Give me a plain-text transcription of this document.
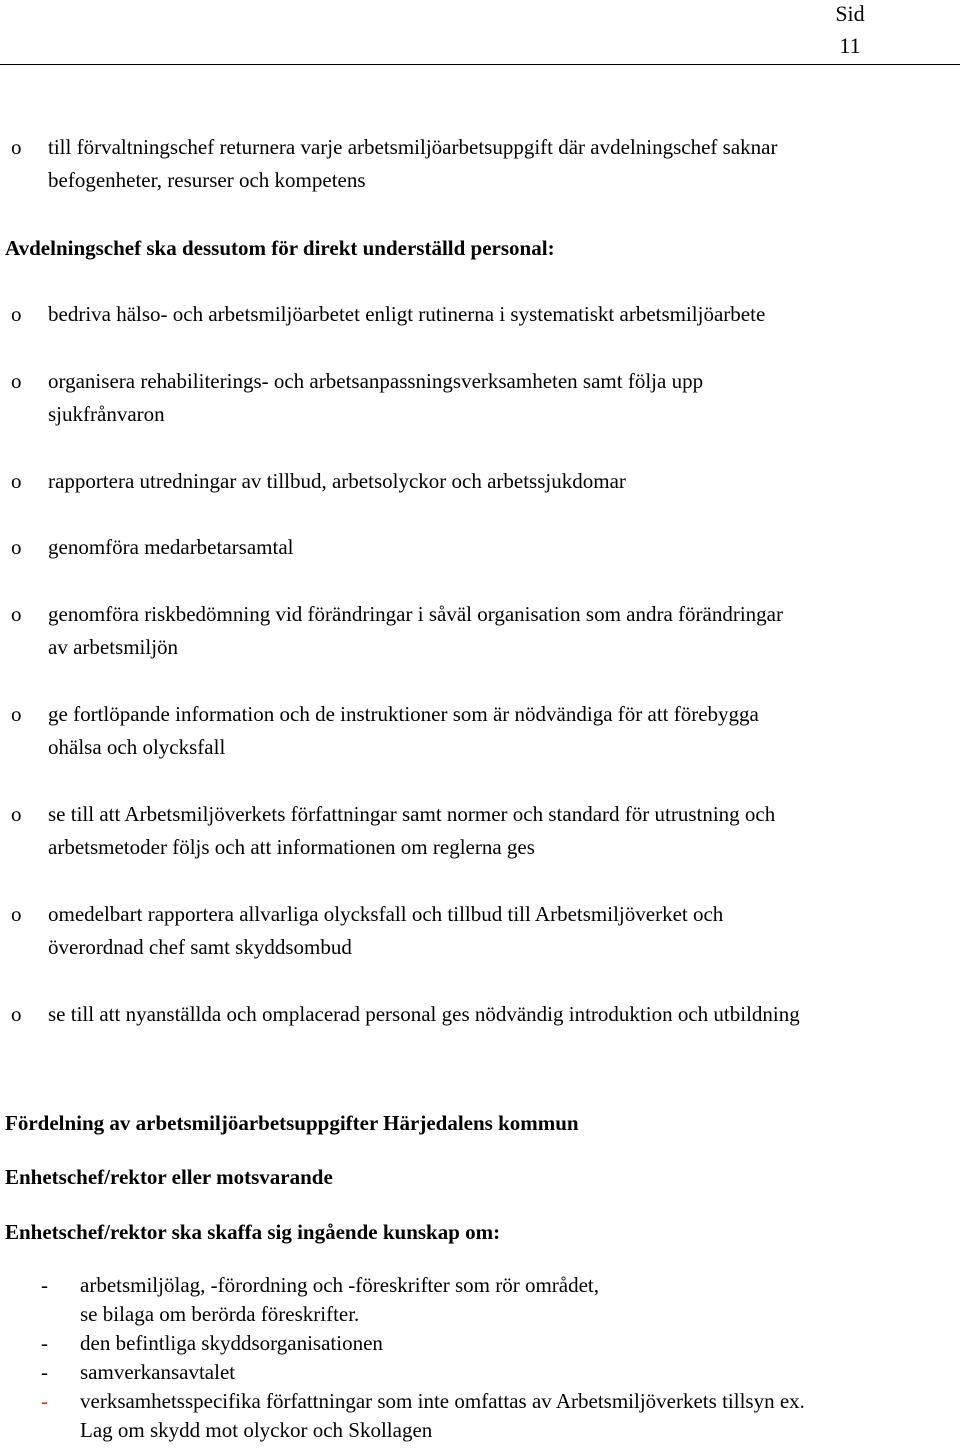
Sid
11
o till förvaltningschef returnera varje arbetsmiljöarbetsuppgift där avdelningschef saknar
befogenheter, resurser och kompetens
Avdelningschef ska dessutom för direkt underställd personal:
o bedriva hälso- och arbetsmiljöarbetet enligt rutinerna i systematiskt arbetsmiljöarbete
o organisera rehabiliterings- och arbetsanpassningsverksamheten samt följa upp
sjukfrånvaron
o rapportera utredningar av tillbud, arbetsolyckor och arbetssjukdomar
o genomföra medarbetarsamtal
o genomföra riskbedömning vid förändringar i såväl organisation som andra förändringar
av arbetsmiljön
o ge fortlöpande information och de instruktioner som är nödvändiga för att förebygga
ohälsa och olycksfall
o se till att Arbetsmiljöverkets författningar samt normer och standard för utrustning och
arbetsmetoder följs och att informationen om reglerna ges
o omedelbart rapportera allvarliga olycksfall och tillbud till Arbetsmiljöverket och
överordnad chef samt skyddsombud
o se till att nyanställda och omplacerad personal ges nödvändig introduktion och utbildning
Fördelning av arbetsmiljöarbetsuppgifter Härjedalens kommun
Enhetschef/rektor eller motsvarande
Enhetschef/rektor ska skaffa sig ingående kunskap om:
- arbetsmiljölag, -förordning och -föreskrifter som rör området,
se bilaga om berörda föreskrifter.
- den befintliga skyddsorganisationen
- samverkansavtalet
- verksamhetsspecifika författningar som inte omfattas av Arbetsmiljöverkets tillsyn ex.
Lag om skydd mot olyckor och Skollagen
